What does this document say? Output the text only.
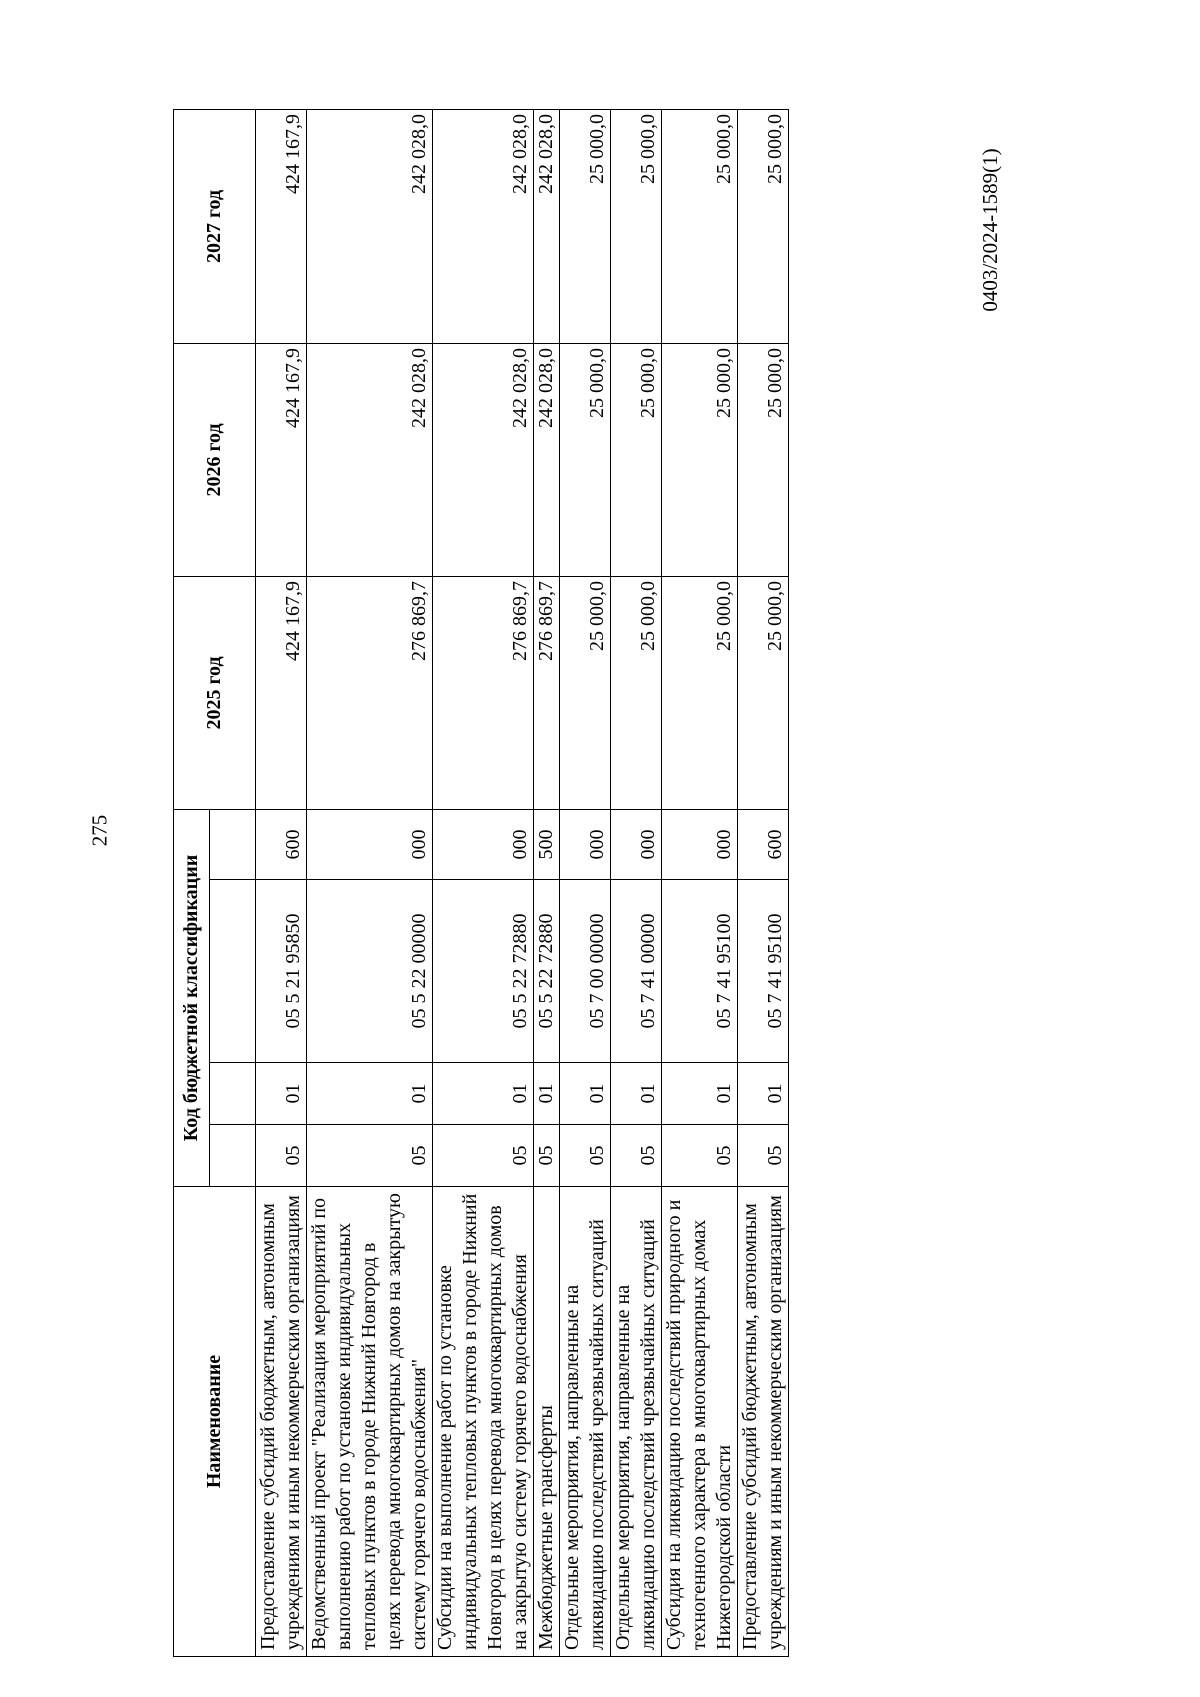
275
0403/2024-1589(1)
Наименование	Код бюджетной классификации				2025 год	2026 год	2027 год

Предоставление субсидий бюджетным, автономным учреждениям и иным некоммерческим организациям	05	01	05 5 21 95850	600	424 167,9	424 167,9	424 167,9
Ведомственный проект "Реализация мероприятий по выполнению работ по установке индивидуальных тепловых пунктов в городе Нижний Новгород в целях перевода многоквартирных домов на закрытую систему горячего водоснабжения"	05	01	05 5 22 00000	000	276 869,7	242 028,0	242 028,0
Субсидии на выполнение работ по установке индивидуальных тепловых пунктов в городе Нижний Новгород в целях перевода многоквартирных домов на закрытую систему горячего водоснабжения	05	01	05 5 22 72880	000	276 869,7	242 028,0	242 028,0
Межбюджетные трансферты	05	01	05 5 22 72880	500	276 869,7	242 028,0	242 028,0
Отдельные мероприятия, направленные на ликвидацию последствий чрезвычайных ситуаций	05	01	05 7 00 00000	000	25 000,0	25 000,0	25 000,0
Отдельные мероприятия, направленные на ликвидацию последствий чрезвычайных ситуаций	05	01	05 7 41 00000	000	25 000,0	25 000,0	25 000,0
Субсидия на ликвидацию последствий природного и техногенного характера в многоквартирных домах Нижегородской области	05	01	05 7 41 95100	000	25 000,0	25 000,0	25 000,0
Предоставление субсидий бюджетным, автономным учреждениям и иным некоммерческим организациям	05	01	05 7 41 95100	600	25 000,0	25 000,0	25 000,0
